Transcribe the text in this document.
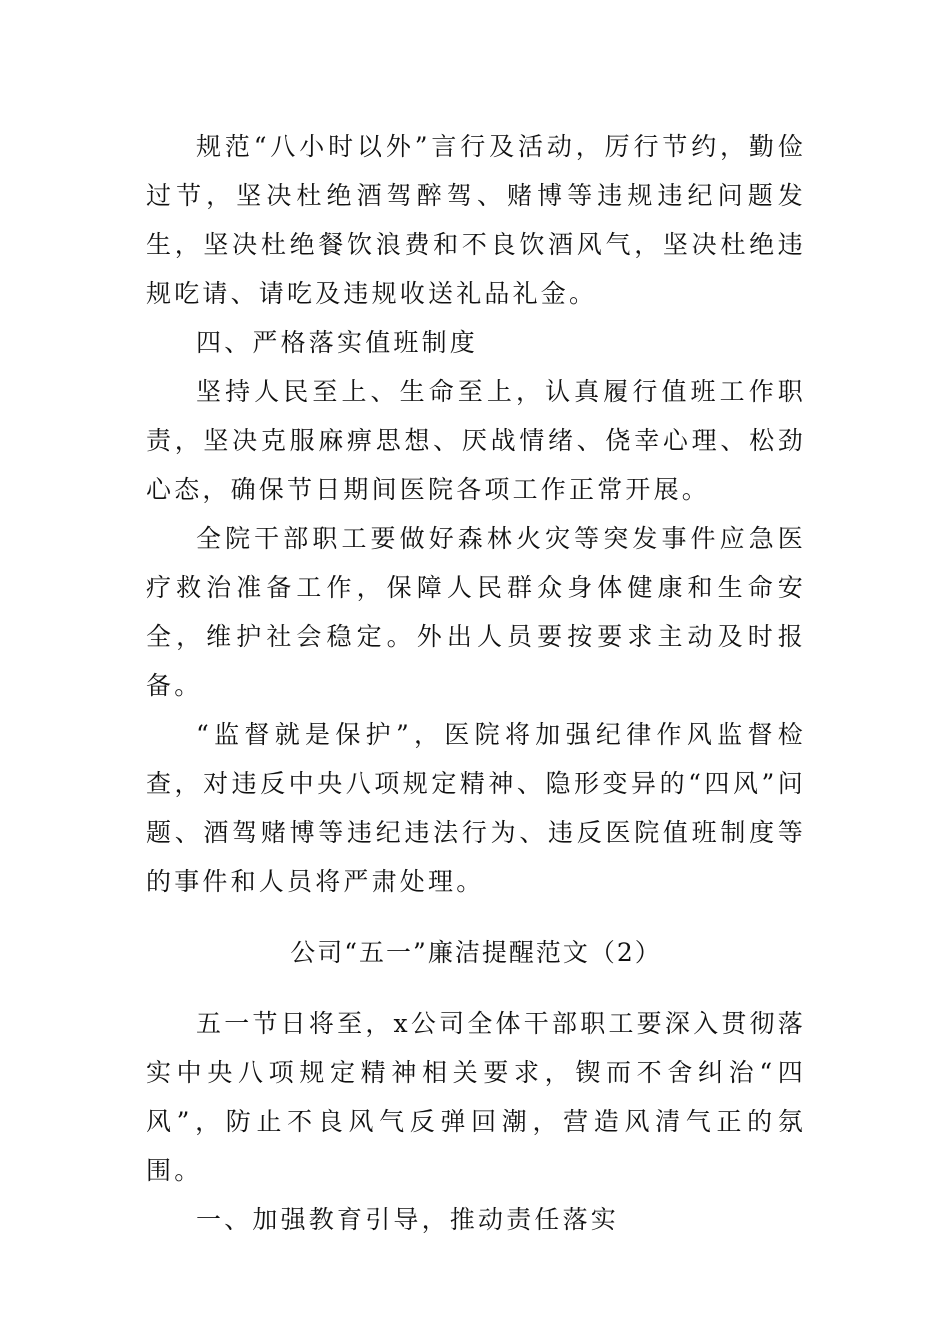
规范“八小时以外”言行及活动，厉行节约，勤俭过节，坚决杜绝酒驾醉驾、赌博等违规违纪问题发生，坚决杜绝餐饮浪费和不良饮酒风气，坚决杜绝违规吃请、请吃及违规收送礼品礼金。

四、严格落实值班制度

坚持人民至上、生命至上，认真履行值班工作职责，坚决克服麻痹思想、厌战情绪、侥幸心理、松劲心态，确保节日期间医院各项工作正常开展。

全院干部职工要做好森林火灾等突发事件应急医疗救治准备工作，保障人民群众身体健康和生命安全，维护社会稳定。外出人员要按要求主动及时报备。

“监督就是保护”，医院将加强纪律作风监督检查，对违反中央八项规定精神、隐形变异的“四风”问题、酒驾赌博等违纪违法行为、违反医院值班制度等的事件和人员将严肃处理。

公司“五一”廉洁提醒范文（2）

五一节日将至，x公司全体干部职工要深入贯彻落实中央八项规定精神相关要求，锲而不舍纠治“四风”，防止不良风气反弹回潮，营造风清气正的氛围。

一、加强教育引导，推动责任落实
